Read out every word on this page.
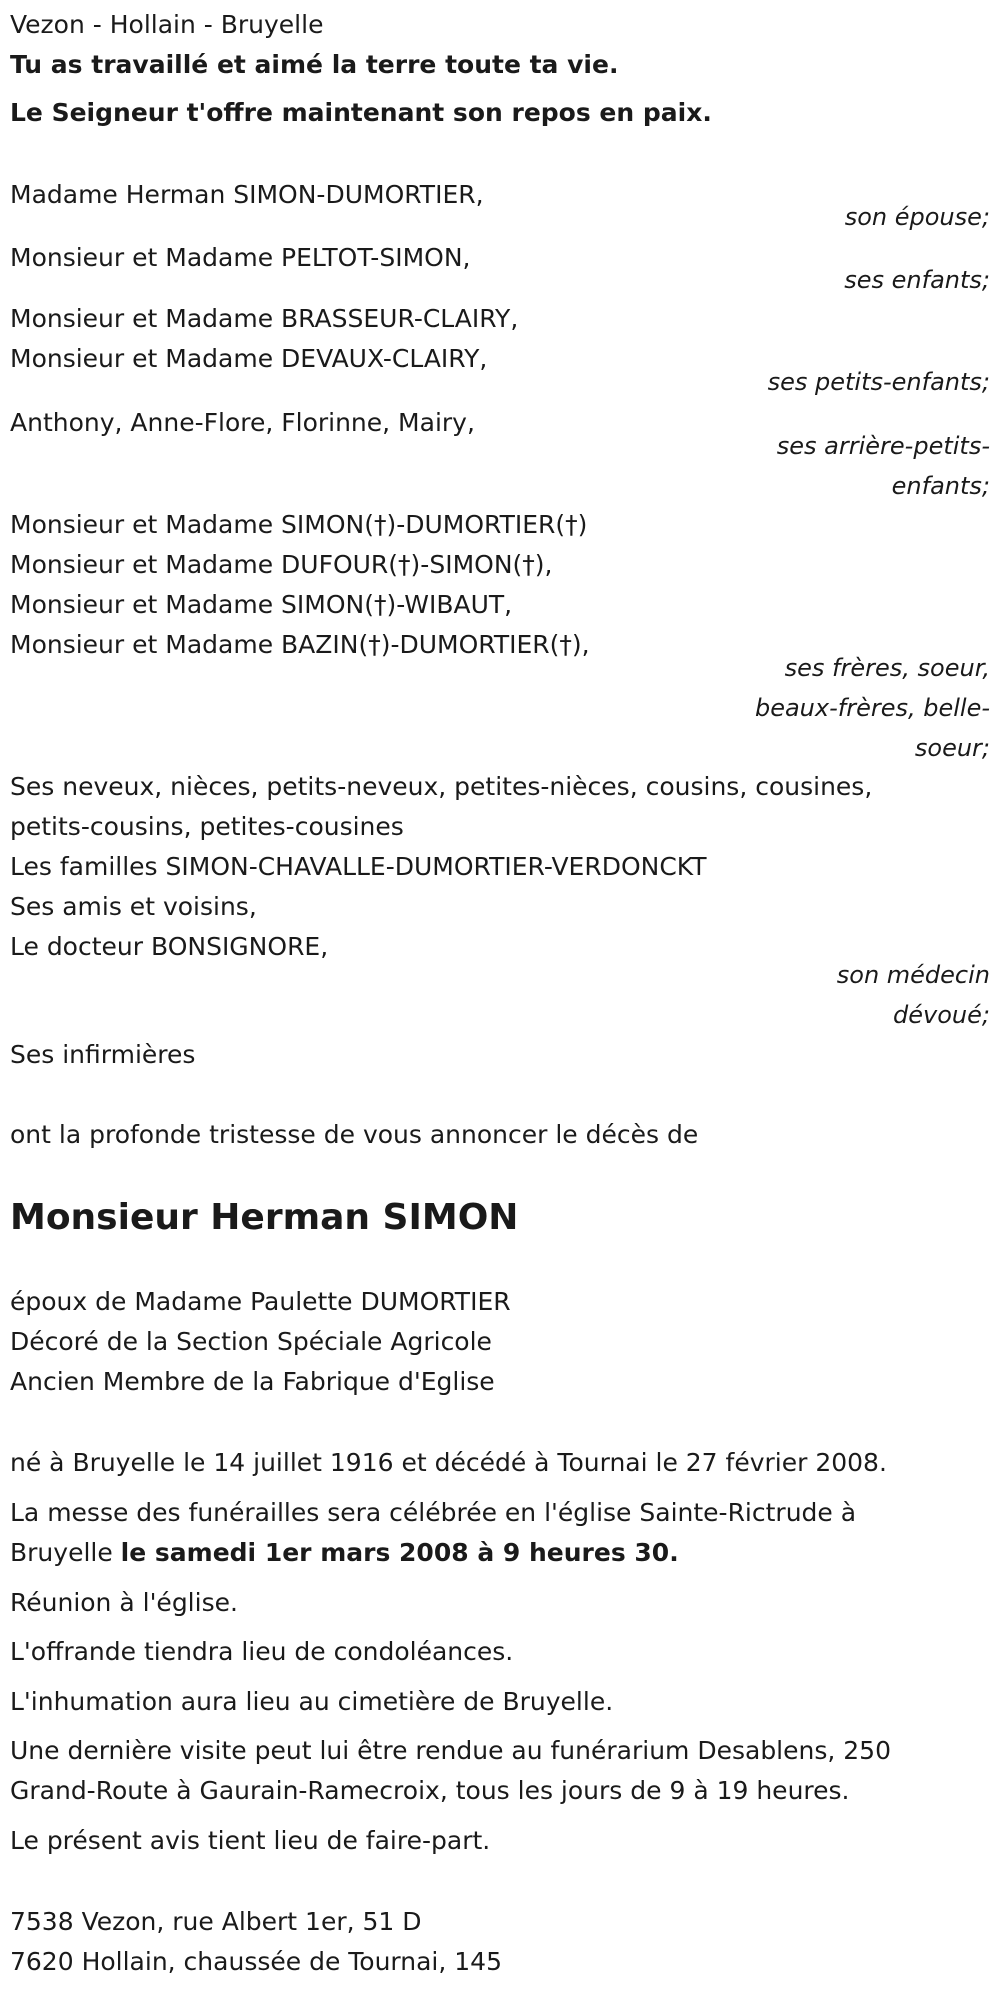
Vezon - Hollain - Bruyelle
Tu as travaillé et aimé la terre toute ta vie.
Le Seigneur t'offre maintenant son repos en paix.
Madame Herman SIMON-DUMORTIER,
son épouse;
Monsieur et Madame PELTOT-SIMON,
ses enfants;
Monsieur et Madame BRASSEUR-CLAIRY,
Monsieur et Madame DEVAUX-CLAIRY,
ses petits-enfants;
Anthony, Anne-Flore, Florinne, Mairy,
ses arrière-petits-
enfants;
Monsieur et Madame SIMON(†)-DUMORTIER(†)
Monsieur et Madame DUFOUR(†)-SIMON(†),
Monsieur et Madame SIMON(†)-WIBAUT,
Monsieur et Madame BAZIN(†)-DUMORTIER(†),
ses frères, soeur,
beaux-frères, belle-
soeur;
Ses neveux, nièces, petits-neveux, petites-nièces, cousins, cousines,
petits-cousins, petites-cousines
Les familles SIMON-CHAVALLE-DUMORTIER-VERDONCKT
Ses amis et voisins,
Le docteur BONSIGNORE,
son médecin
dévoué;
Ses infirmières
ont la profonde tristesse de vous annoncer le décès de
Monsieur Herman SIMON
époux de Madame Paulette DUMORTIER
Décoré de la Section Spéciale Agricole
Ancien Membre de la Fabrique d'Eglise
né à Bruyelle le 14 juillet 1916 et décédé à Tournai le 27 février 2008.
La messe des funérailles sera célébrée en l'église Sainte-Rictrude à
Bruyelle le samedi 1er mars 2008 à 9 heures 30.
Réunion à l'église.
L'offrande tiendra lieu de condoléances.
L'inhumation aura lieu au cimetière de Bruyelle.
Une dernière visite peut lui être rendue au funérarium Desablens, 250
Grand-Route à Gaurain-Ramecroix, tous les jours de 9 à 19 heures.
Le présent avis tient lieu de faire-part.
7538 Vezon, rue Albert 1er, 51 D
7620 Hollain, chaussée de Tournai, 145
